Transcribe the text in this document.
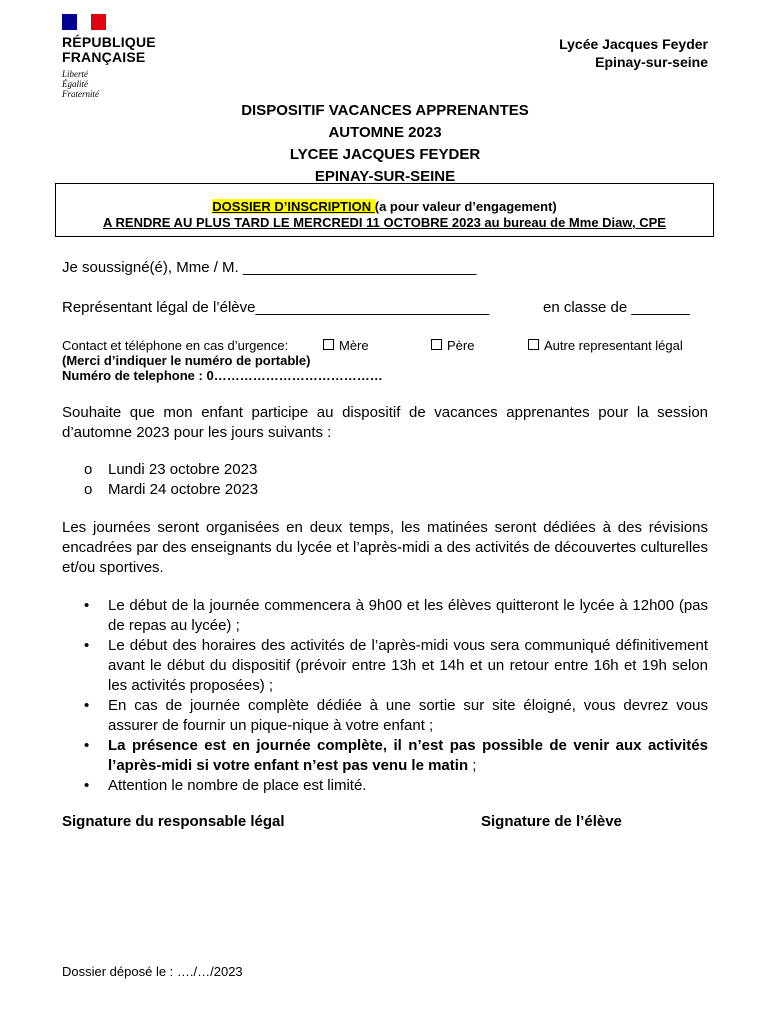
RÉPUBLIQUE
FRANÇAISE
Liberté
Égalité
Fraternité
Lycée Jacques Feyder
Epinay-sur-seine
DISPOSITIF VACANCES APPRENANTES
AUTOMNE 2023
LYCEE JACQUES FEYDER
EPINAY-SUR-SEINE
DOSSIER D’INSCRIPTION (a pour valeur d’engagement)
A RENDRE AU PLUS TARD LE MERCREDI 11 OCTOBRE 2023 au bureau de Mme Diaw, CPE
Je soussigné(é), Mme / M. ____________________________
Représentant légal de l’élève____________________________	en classe de _______
Contact et téléphone en cas d’urgence:	Mère	Père	Autre representant légal
(Merci d’indiquer le numéro de portable)
Numéro de telephone : 0…………………………………
Souhaite que mon enfant participe au dispositif de vacances apprenantes pour la session d’automne 2023 pour les jours suivants :
o Lundi 23 octobre 2023
o Mardi 24 octobre 2023
Les journées seront organisées en deux temps, les matinées seront dédiées à des révisions encadrées par des enseignants du lycée et l’après-midi a des activités de découvertes culturelles et/ou sportives.
• Le début de la journée commencera à 9h00 et les élèves quitteront le lycée à 12h00 (pas de repas au lycée) ;
• Le début des horaires des activités de l’après-midi vous sera communiqué définitivement avant le début du dispositif (prévoir entre 13h et 14h et un retour entre 16h et 19h selon les activités proposées) ;
• En cas de journée complète dédiée à une sortie sur site éloigné, vous devrez vous assurer de fournir un pique-nique à votre enfant ;
• La présence est en journée complète, il n’est pas possible de venir aux activités l’après-midi si votre enfant n’est pas venu le matin ;
• Attention le nombre de place est limité.
Signature du responsable légal	Signature de l’élève
Dossier déposé le : …./…/2023
